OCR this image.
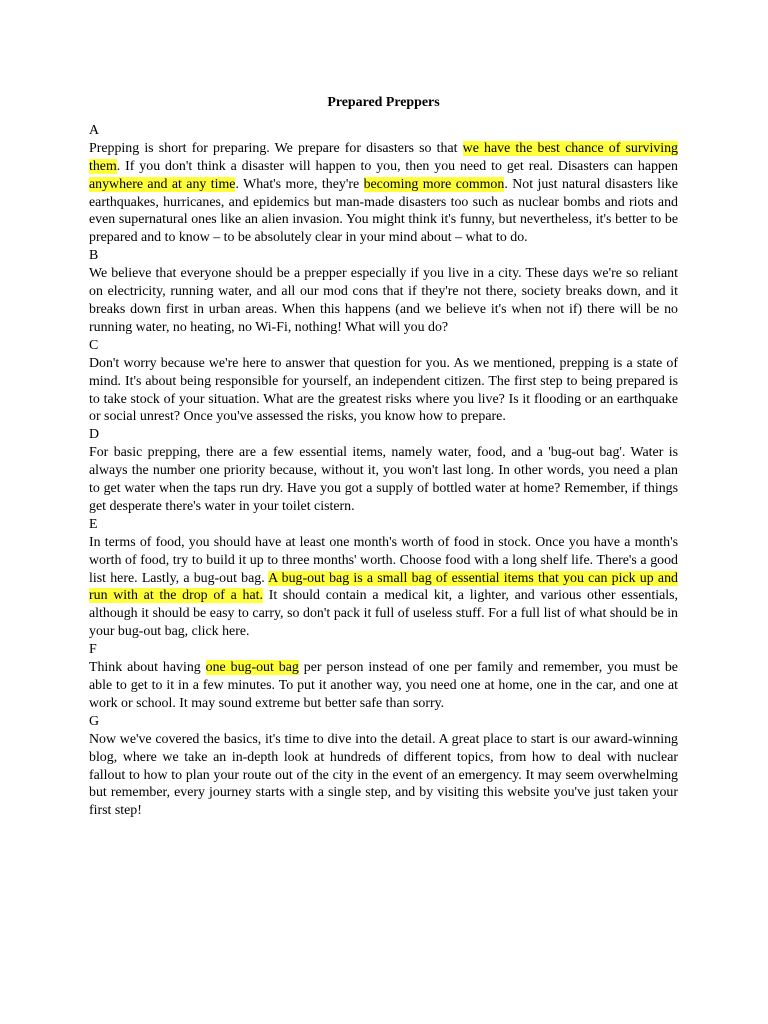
Prepared Preppers
A
Prepping is short for preparing. We prepare for disasters so that we have the best chance of surviving them. If you don't think a disaster will happen to you, then you need to get real. Disasters can happen anywhere and at any time. What's more, they're becoming more common. Not just natural disasters like earthquakes, hurricanes, and epidemics but man-made disasters too such as nuclear bombs and riots and even supernatural ones like an alien invasion. You might think it's funny, but nevertheless, it's better to be prepared and to know – to be absolutely clear in your mind about – what to do.
B
We believe that everyone should be a prepper especially if you live in a city. These days we're so reliant on electricity, running water, and all our mod cons that if they're not there, society breaks down, and it breaks down first in urban areas. When this happens (and we believe it's when not if) there will be no running water, no heating, no Wi-Fi, nothing! What will you do?
C
Don't worry because we're here to answer that question for you. As we mentioned, prepping is a state of mind. It's about being responsible for yourself, an independent citizen. The first step to being prepared is to take stock of your situation. What are the greatest risks where you live? Is it flooding or an earthquake or social unrest? Once you've assessed the risks, you know how to prepare.
D
For basic prepping, there are a few essential items, namely water, food, and a 'bug-out bag'. Water is always the number one priority because, without it, you won't last long. In other words, you need a plan to get water when the taps run dry. Have you got a supply of bottled water at home? Remember, if things get desperate there's water in your toilet cistern.
E
In terms of food, you should have at least one month's worth of food in stock. Once you have a month's worth of food, try to build it up to three months' worth. Choose food with a long shelf life. There's a good list here. Lastly, a bug-out bag. A bug-out bag is a small bag of essential items that you can pick up and run with at the drop of a hat. It should contain a medical kit, a lighter, and various other essentials, although it should be easy to carry, so don't pack it full of useless stuff. For a full list of what should be in your bug-out bag, click here.
F
Think about having one bug-out bag per person instead of one per family and remember, you must be able to get to it in a few minutes. To put it another way, you need one at home, one in the car, and one at work or school. It may sound extreme but better safe than sorry.
G
Now we've covered the basics, it's time to dive into the detail. A great place to start is our award-winning blog, where we take an in-depth look at hundreds of different topics, from how to deal with nuclear fallout to how to plan your route out of the city in the event of an emergency. It may seem overwhelming but remember, every journey starts with a single step, and by visiting this website you've just taken your first step!
